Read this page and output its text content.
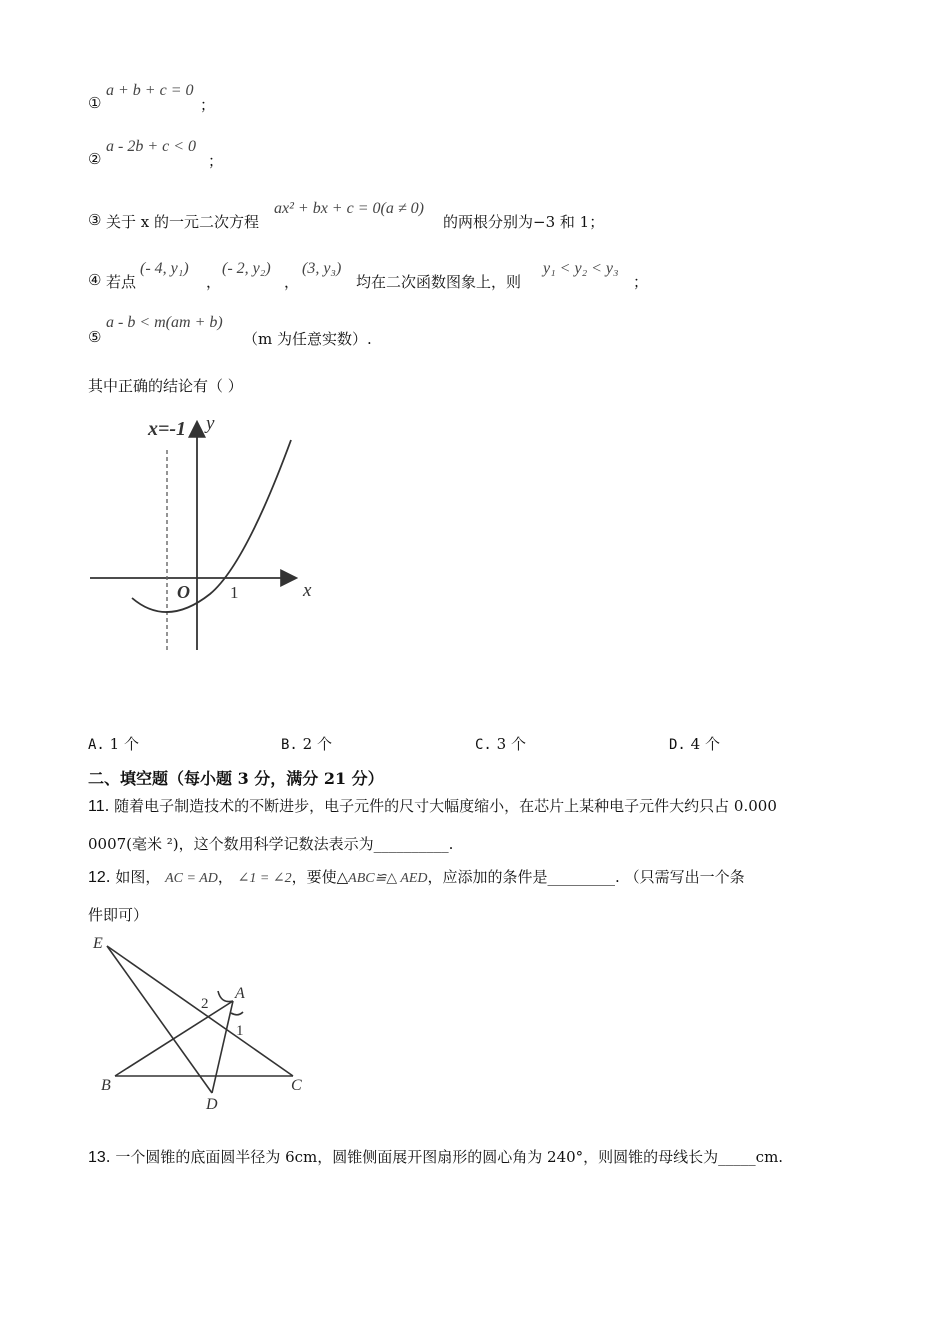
①
a + b + c = 0
；
②
a - 2b + c < 0
；
③ 关于 x 的一元二次方程
ax² + bx + c = 0(a ≠ 0)
的两根分别为−3 和 1；
④ 若点
(- 4, y₁)
，
(- 2, y₂)
，
(3, y₃)
均在二次函数图象上，则
y₁ < y₂ < y₃
；
⑤
a - b < m(am + b)
（m 为任意实数）.
其中正确的结论有（ ）
x=-1 y
x
O 1
A. 1 个	B. 2 个	C. 3 个	D. 4 个
二、填空题（每小题 3 分，满分 21 分）
11. 随着电子制造技术的不断进步，电子元件的尺寸大幅度缩小，在芯片上某种电子元件大约只占 0.000
0007(毫米 ²)，这个数用科学记数法表示为__________.
12. 如图， AC = AD， ∠1 = ∠2，要使△ABC≌△ AED，应添加的条件是_________. （只需写出一个条
件即可）
E
A
B	C
D
2
1
13. 一个圆锥的底面圆半径为 6cm，圆锥侧面展开图扇形的圆心角为 240°，则圆锥的母线长为_____cm.
